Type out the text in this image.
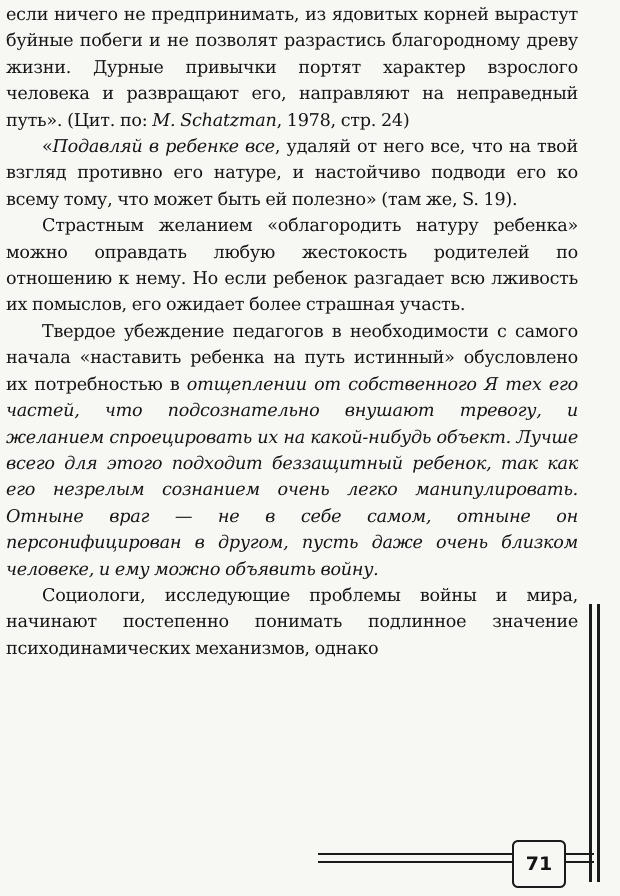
если ничего не предпринимать, из ядовитых корней вырастут буйные побеги и не позволят разрастись благородному древу жизни. Дурные привычки портят характер взрослого человека и развращают его, направляют на неправедный путь». (Цит. по: M. Schatzman, 1978, стр. 24)

«Подавляй в ребенке все, удаляй от него все, что на твой взгляд противно его натуре, и настойчиво подводи его ко всему тому, что может быть ей полезно» (там же, S. 19).

Страстным желанием «облагородить натуру ребенка» можно оправдать любую жестокость родителей по отношению к нему. Но если ребенок разгадает всю лживость их помыслов, его ожидает более страшная участь.

Твердое убеждение педагогов в необходимости с самого начала «наставить ребенка на путь истинный» обусловлено их потребностью в отщеплении от собственного Я тех его частей, что подсознательно внушают тревогу, и желанием спроецировать их на какой-нибудь объект. Лучше всего для этого подходит беззащитный ребенок, так как его незрелым сознанием очень легко манипулировать. Отныне враг — не в себе самом, отныне он персонифицирован в другом, пусть даже очень близком человеке, и ему можно объявить войну.

Социологи, исследующие проблемы войны и мира, начинают постепенно понимать подлинное значение психодинамических механизмов, однако

71
